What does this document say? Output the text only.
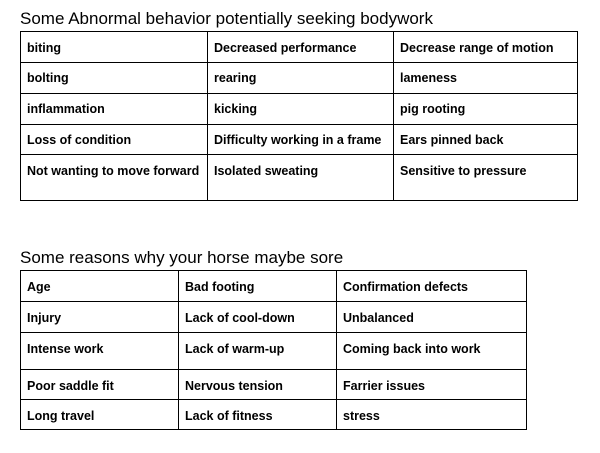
Some Abnormal behavior potentially seeking bodywork
biting	Decreased performance	Decrease range of motion
bolting	rearing	lameness
inflammation	kicking	pig rooting
Loss of condition	Difficulty working in a frame	Ears pinned back
Not wanting to move forward	Isolated sweating	Sensitive to pressure
Some reasons why your horse maybe sore
Age	Bad footing	Confirmation defects
Injury	Lack of cool-down	Unbalanced
Intense work	Lack of warm-up	Coming back into work
Poor saddle fit	Nervous tension	Farrier issues
Long travel	Lack of fitness	stress
